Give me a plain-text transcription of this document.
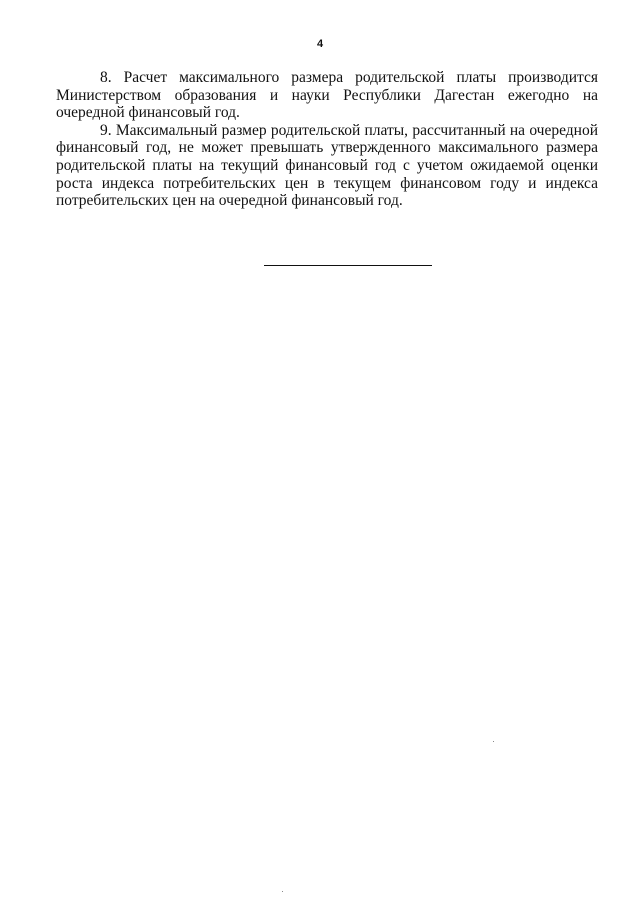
4

8. Расчет максимального размера родительской платы производится Министерством образования и науки Республики Дагестан ежегодно на очередной финансовый год.

9. Максимальный размер родительской платы, рассчитанный на очередной финансовый год, не может превышать утвержденного максимального размера родительской платы на текущий финансовый год с учетом ожидаемой оценки роста индекса потребительских цен в текущем финансовом году и индекса потребительских цен на очередной финансовый год.
